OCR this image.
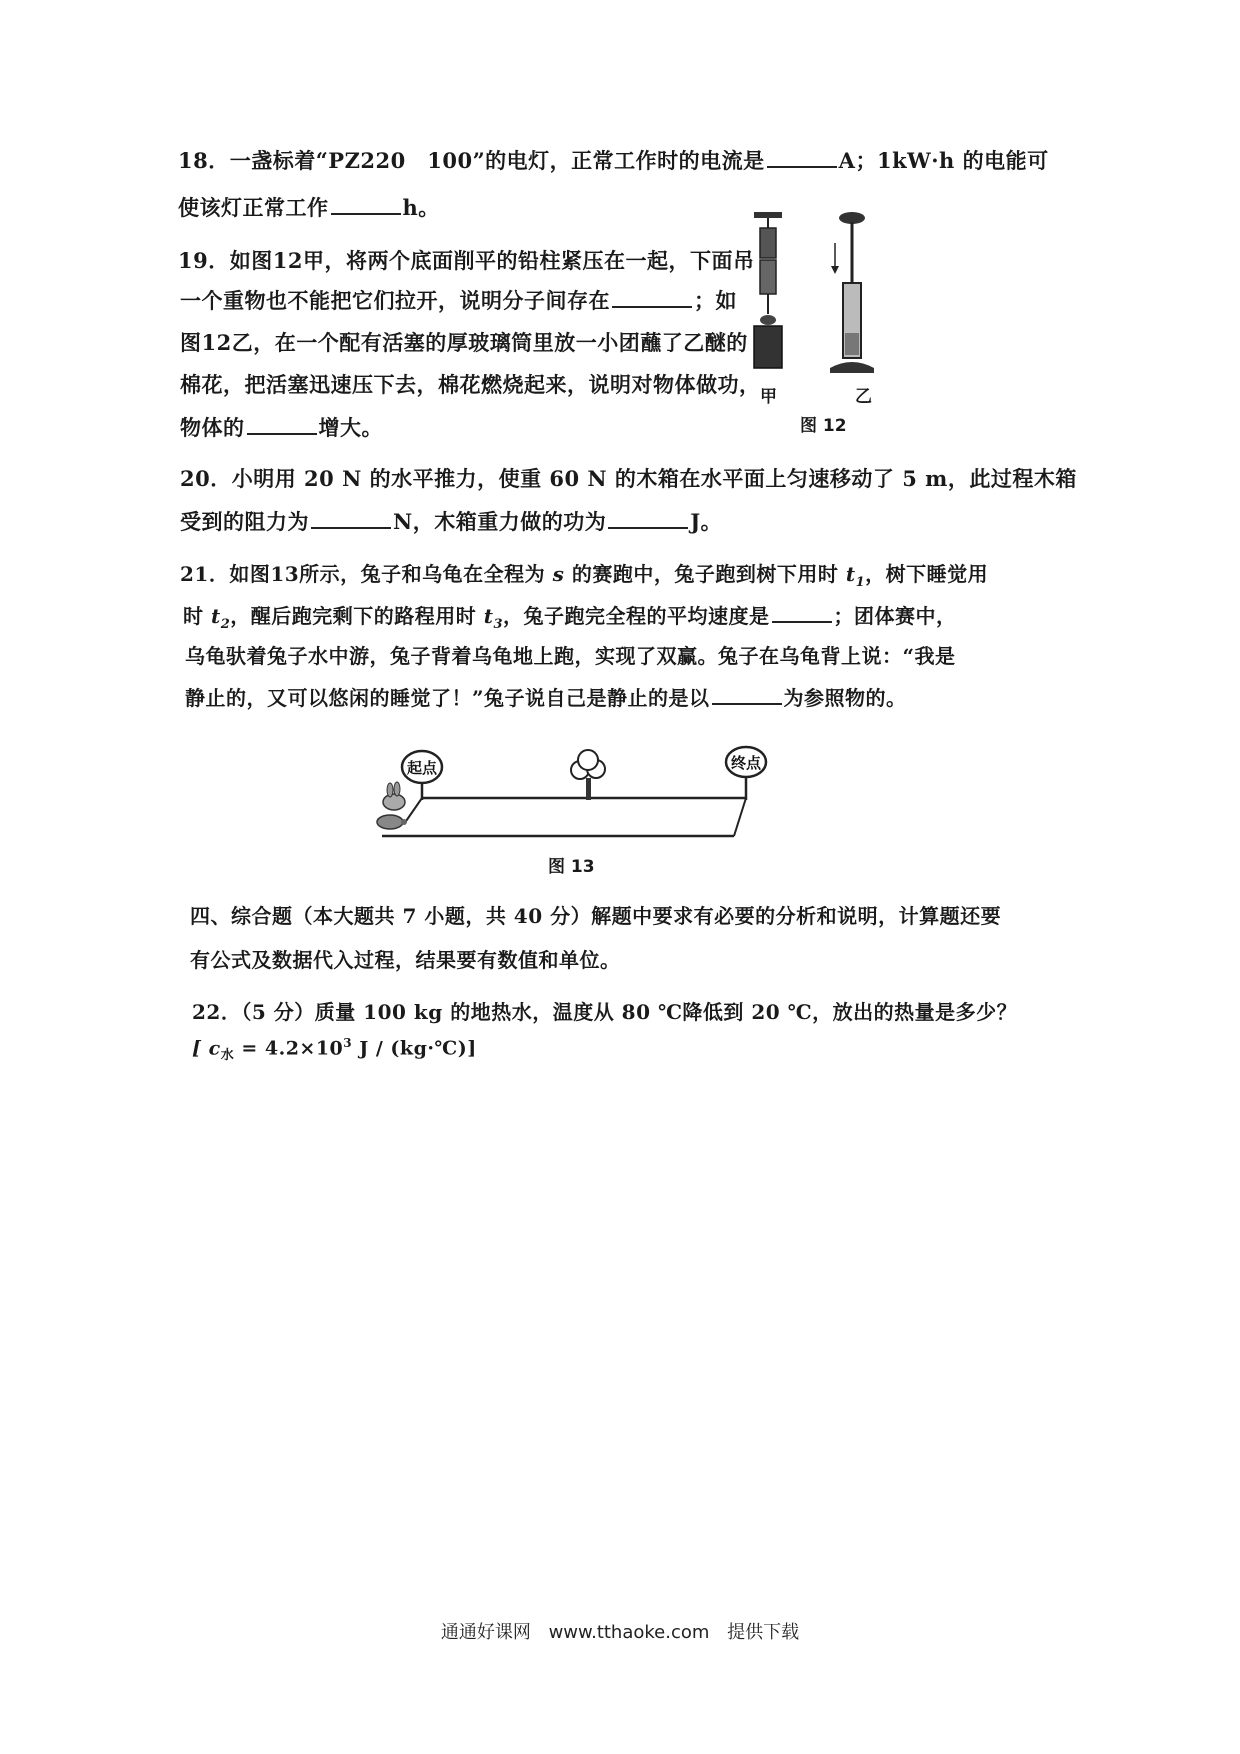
18．一盏标着“PZ220　100”的电灯，正常工作时的电流是	A；1kW·h 的电能可
使该灯正常工作	h。
19．如图12甲，将两个底面削平的铅柱紧压在一起，下面吊
一个重物也不能把它们拉开，说明分子间存在	；如
图12乙，在一个配有活塞的厚玻璃筒里放一小团蘸了乙醚的
棉花，把活塞迅速压下去，棉花燃烧起来，说明对物体做功，
物体的	增大。
甲	乙
图 12
20．小明用 20 N 的水平推力，使重 60 N 的木箱在水平面上匀速移动了 5 m，此过程木箱
受到的阻力为	N，木箱重力做的功为	J。
21．如图13所示，兔子和乌龟在全程为 s 的赛跑中，兔子跑到树下用时 $t_1$，树下睡觉用
时 $t_2$，醒后跑完剩下的路程用时 $t_3$，兔子跑完全程的平均速度是	；团体赛中，
乌龟驮着兔子水中游，兔子背着乌龟地上跑，实现了双赢。兔子在乌龟背上说：“我是
静止的，又可以悠闲的睡觉了！”兔子说自己是静止的是以	为参照物的。
起点	终点
图 13
四、综合题（本大题共 7 小题，共 40 分）解题中要求有必要的分析和说明，计算题还要
有公式及数据代入过程，结果要有数值和单位。
22．（5 分）质量 100 kg 的地热水，温度从 80 ℃降低到 20 ℃，放出的热量是多少？
[ $c_水 = 4.2\times 10^3$ J / (kg·℃)]
通通好课网 www.tthaoke.com 提供下载
